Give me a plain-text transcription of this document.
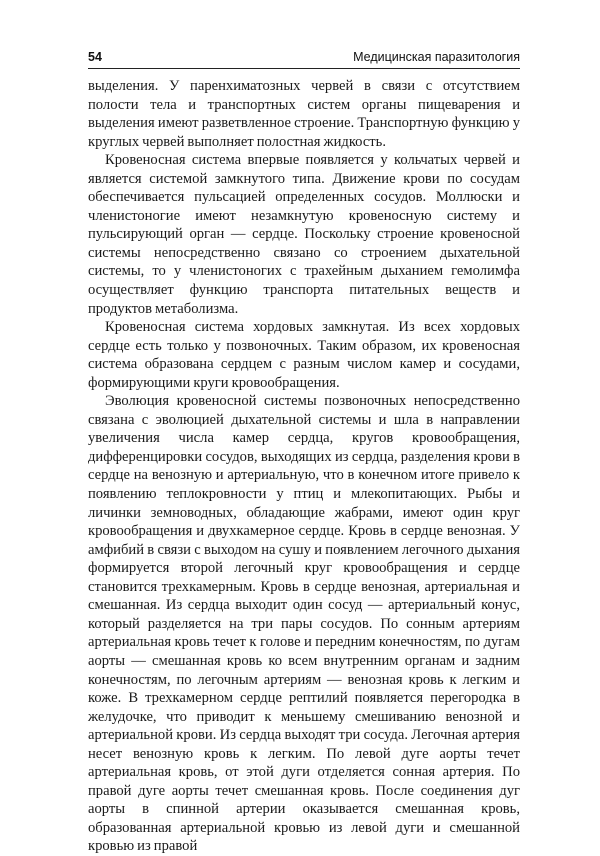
54	Медицинская паразитология

выделения. У паренхиматозных червей в связи с отсутствием полости тела и транспортных систем органы пищеварения и выделения имеют разветвленное строение. Транспортную функцию у круглых червей выполняет полостная жидкость.

Кровеносная система впервые появляется у кольчатых червей и является системой замкнутого типа. Движение крови по сосудам обеспечивается пульсацией определенных сосудов. Моллюски и членистоногие имеют незамкнутую кровеносную систему и пульсирующий орган — сердце. Поскольку строение кровеносной системы непосредственно связано со строением дыхательной системы, то у членистоногих с трахейным дыханием гемолимфа осуществляет функцию транспорта питательных веществ и продуктов метаболизма.

Кровеносная система хордовых замкнутая. Из всех хордовых сердце есть только у позвоночных. Таким образом, их кровеносная система образована сердцем с разным числом камер и сосудами, формирующими круги кровообращения.

Эволюция кровеносной системы позвоночных непосредственно связана с эволюцией дыхательной системы и шла в направлении увеличения числа камер сердца, кругов кровообращения, дифференцировки сосудов, выходящих из сердца, разделения крови в сердце на венозную и артериальную, что в конечном итоге привело к появлению теплокровности у птиц и млекопитающих. Рыбы и личинки земноводных, обладающие жабрами, имеют один круг кровообращения и двухкамерное сердце. Кровь в сердце венозная. У амфибий в связи с выходом на сушу и появлением легочного дыхания формируется второй легочный круг кровообращения и сердце становится трехкамерным. Кровь в сердце венозная, артериальная и смешанная. Из сердца выходит один сосуд — артериальный конус, который разделяется на три пары сосудов. По сонным артериям артериальная кровь течет к голове и передним конечностям, по дугам аорты — смешанная кровь ко всем внутренним органам и задним конечностям, по легочным артериям — венозная кровь к легким и коже. В трехкамерном сердце рептилий появляется перегородка в желудочке, что приводит к меньшему смешиванию венозной и артериальной крови. Из сердца выходят три сосуда. Легочная артерия несет венозную кровь к легким. По левой дуге аорты течет артериальная кровь, от этой дуги отделяется сонная артерия. По правой дуге аорты течет смешанная кровь. После соединения дуг аорты в спинной артерии оказывается смешанная кровь, образованная артериальной кровью из левой дуги и смешанной кровью из правой
